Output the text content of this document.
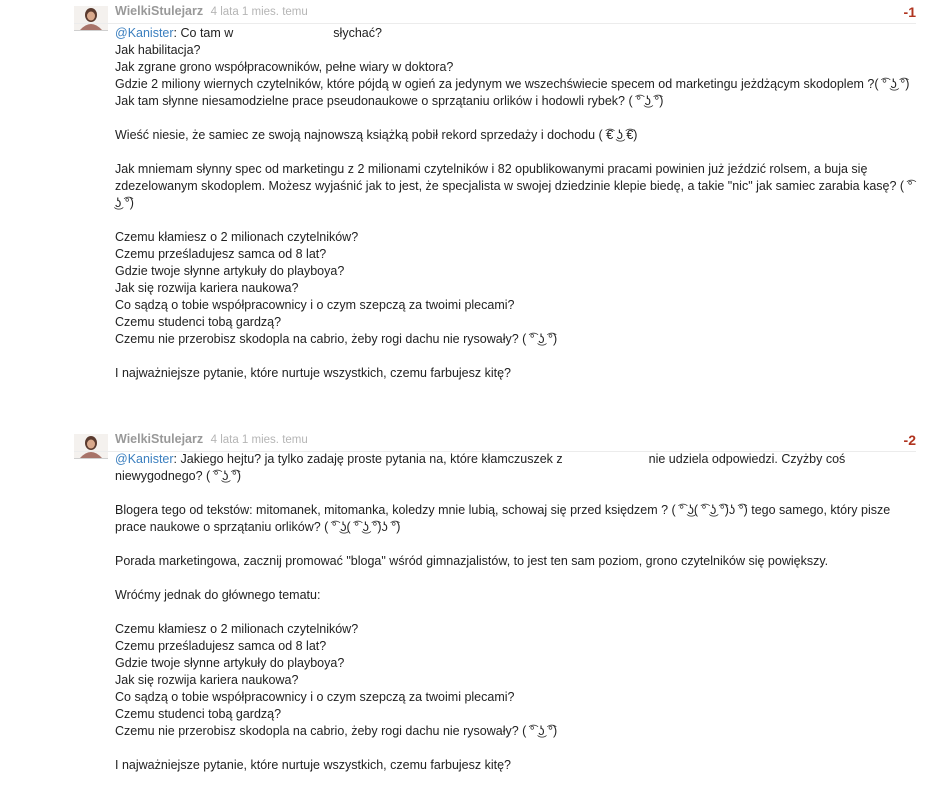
WielkiStulejarz 4 lata 1 mies. temu	-1

@Kanister: Co tam w	słychać?

Jak habilitacja?

Jak zgrane grono współpracowników, pełne wiary w doktora?

Gdzie 2 miliony wiernych czytelników, które pójdą w ogień za jedynym we wszechświecie specem od marketingu jeżdżącym skodoplem ?( ͡° ͜ʖ ͡°)

Jak tam słynne niesamodzielne prace pseudonaukowe o sprzątaniu orlików i hodowli rybek? ( ͡° ͜ʖ ͡°)

Wieść niesie, że samiec ze swoją najnowszą książką pobił rekord sprzedaży i dochodu ( ͡€ ͜ʖ ͡€)

Jak mniemam słynny spec od marketingu z 2 milionami czytelników i 82 opublikowanymi pracami powinien już jeździć rolsem, a buja się zdezelowanym skodoplem. Możesz wyjaśnić jak to jest, że specjalista w swojej dziedzinie klepie biedę, a takie "nic" jak samiec zarabia kasę? ( ͡° ͜ʖ ͡°)

Czemu kłamiesz o 2 milionach czytelników?

Czemu prześladujesz samca od 8 lat?

Gdzie twoje słynne artykuły do playboya?

Jak się rozwija kariera naukowa?

Co sądzą o tobie współpracownicy i o czym szepczą za twoimi plecami?

Czemu studenci tobą gardzą?

Czemu nie przerobisz skodopla na cabrio, żeby rogi dachu nie rysowały? ( ͡° ͜ʖ ͡°)

I najważniejsze pytanie, które nurtuje wszystkich, czemu farbujesz kitę?

WielkiStulejarz 4 lata 1 mies. temu	-2

@Kanister: Jakiego hejtu? ja tylko zadaję proste pytania na, które kłamczuszek z	nie udziela odpowiedzi. Czyżby coś niewygodnego? ( ͡° ͜ʖ ͡°)

Blogera tego od tekstów: mitomanek, mitomanka, koledzy mnie lubią, schowaj się przed księdzem ? ( ͡° ͜ʖ( ͡° ͜ʖ ͡°)ʖ ͡°) tego samego, który pisze prace naukowe o sprzątaniu orlików? ( ͡° ͜ʖ( ͡° ͜ʖ ͡°)ʖ ͡°)

Porada marketingowa, zacznij promować "bloga" wśród gimnazjalistów, to jest ten sam poziom, grono czytelników się powiększy.

Wróćmy jednak do głównego tematu:

Czemu kłamiesz o 2 milionach czytelników?

Czemu prześladujesz samca od 8 lat?

Gdzie twoje słynne artykuły do playboya?

Jak się rozwija kariera naukowa?

Co sądzą o tobie współpracownicy i o czym szepczą za twoimi plecami?

Czemu studenci tobą gardzą?

Czemu nie przerobisz skodopla na cabrio, żeby rogi dachu nie rysowały? ( ͡° ͜ʖ ͡°)

I najważniejsze pytanie, które nurtuje wszystkich, czemu farbujesz kitę?
